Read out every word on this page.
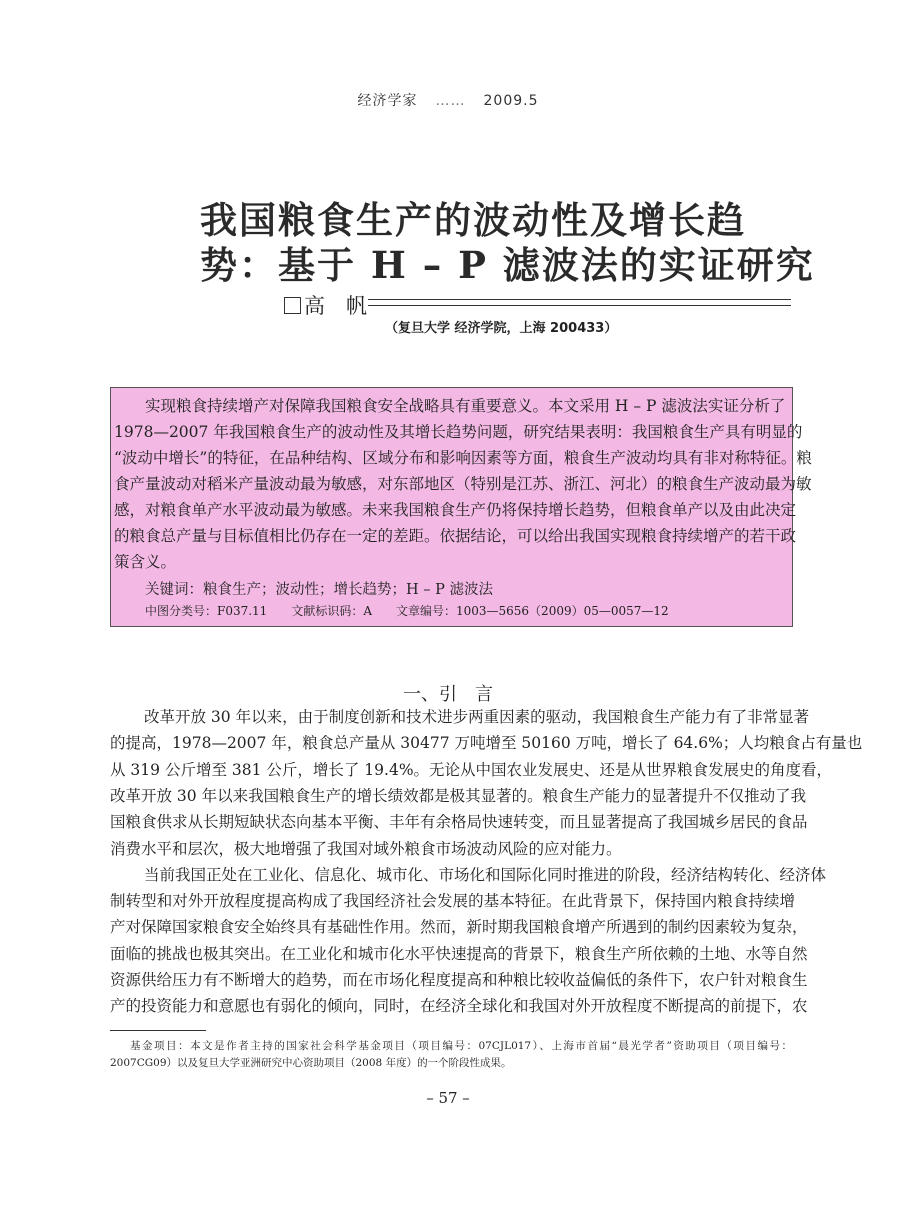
经济学家 …… 2009.5
我国粮食生产的波动性及增长趋
势：基于 H – P 滤波法的实证研究
高　帆
（复旦大学 经济学院，上海 200433）
关键词：粮食生产；波动性；增长趋势；H – P 滤波法
中图分类号：F037.11　　文献标识码：A　　文章编号：1003—5656（2009）05—0057—12
实现粮食持续增产对保障我国粮食安全战略具有重要意义。本文采用 H – P 滤波法实证分析了
1978—2007 年我国粮食生产的波动性及其增长趋势问题，研究结果表明：我国粮食生产具有明显的
“波动中增长”的特征，在品种结构、区域分布和影响因素等方面，粮食生产波动均具有非对称特征。粮
食产量波动对稻米产量波动最为敏感，对东部地区（特别是江苏、浙江、河北）的粮食生产波动最为敏
感，对粮食单产水平波动最为敏感。未来我国粮食生产仍将保持增长趋势，但粮食单产以及由此决定
的粮食总产量与目标值相比仍存在一定的差距。依据结论，可以给出我国实现粮食持续增产的若干政
策含义。
一、引　言
改革开放 30 年以来，由于制度创新和技术进步两重因素的驱动，我国粮食生产能力有了非常显著
的提高，1978—2007 年，粮食总产量从 30477 万吨增至 50160 万吨，增长了 64.6%；人均粮食占有量也
从 319 公斤增至 381 公斤，增长了 19.4%。无论从中国农业发展史、还是从世界粮食发展史的角度看，
改革开放 30 年以来我国粮食生产的增长绩效都是极其显著的。粮食生产能力的显著提升不仅推动了我
国粮食供求从长期短缺状态向基本平衡、丰年有余格局快速转变，而且显著提高了我国城乡居民的食品
消费水平和层次，极大地增强了我国对域外粮食市场波动风险的应对能力。
当前我国正处在工业化、信息化、城市化、市场化和国际化同时推进的阶段，经济结构转化、经济体
制转型和对外开放程度提高构成了我国经济社会发展的基本特征。在此背景下，保持国内粮食持续增
产对保障国家粮食安全始终具有基础性作用。然而，新时期我国粮食增产所遇到的制约因素较为复杂，
面临的挑战也极其突出。在工业化和城市化水平快速提高的背景下，粮食生产所依赖的土地、水等自然
资源供给压力有不断增大的趋势，而在市场化程度提高和种粮比较收益偏低的条件下，农户针对粮食生
产的投资能力和意愿也有弱化的倾向，同时，在经济全球化和我国对外开放程度不断提高的前提下，农
基金项目：本文是作者主持的国家社会科学基金项目（项目编号：07CJL017）、上海市首届“晨光学者”资助项目（项目编号：
2007CG09）以及复旦大学亚洲研究中心资助项目（2008 年度）的一个阶段性成果。
– 57 –
